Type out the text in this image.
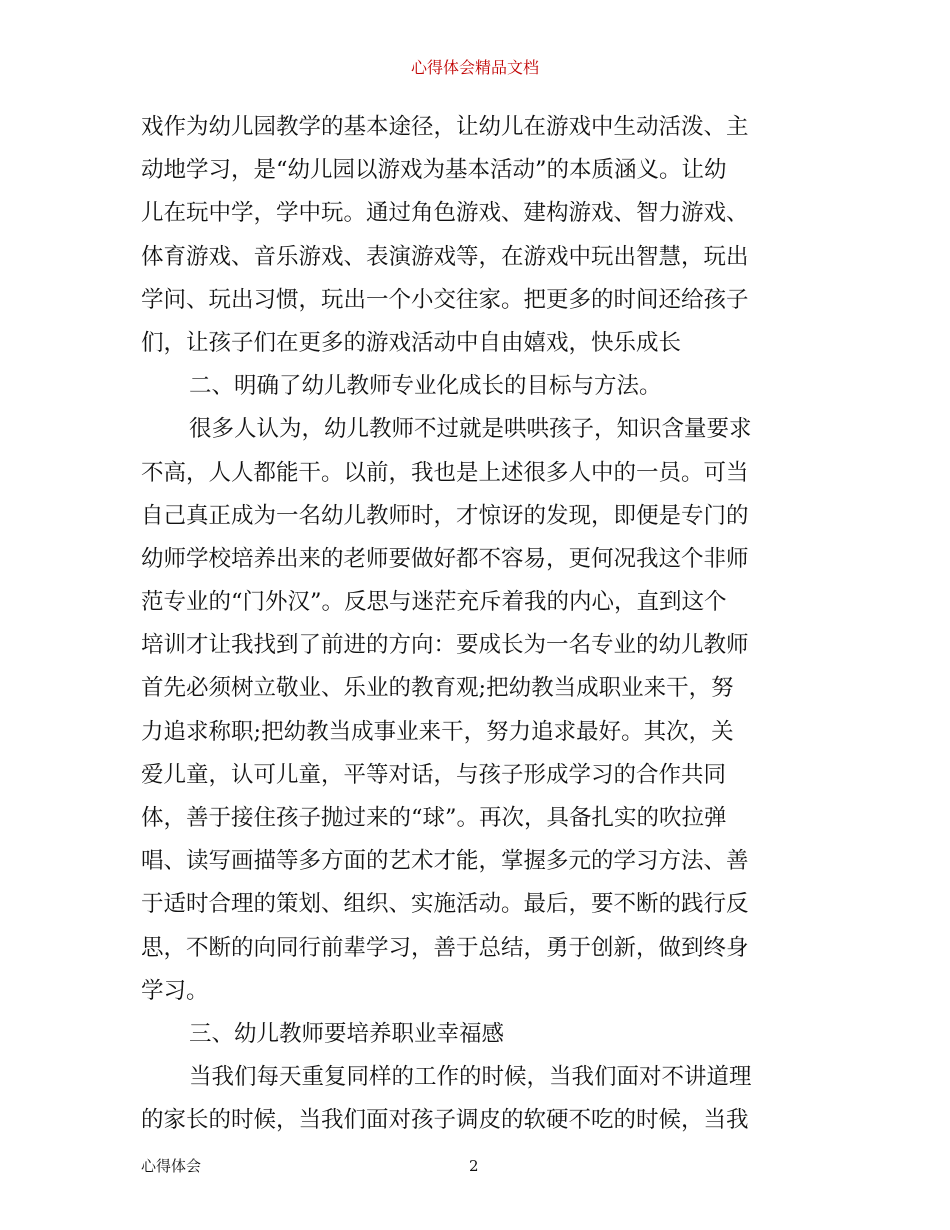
心得体会精品文档
戏作为幼儿园教学的基本途径，让幼儿在游戏中生动活泼、主
动地学习，是“幼儿园以游戏为基本活动”的本质涵义。让幼
儿在玩中学，学中玩。通过角色游戏、建构游戏、智力游戏、
体育游戏、音乐游戏、表演游戏等，在游戏中玩出智慧，玩出
学问、玩出习惯，玩出一个小交往家。把更多的时间还给孩子
们，让孩子们在更多的游戏活动中自由嬉戏，快乐成长
二、明确了幼儿教师专业化成长的目标与方法。
很多人认为，幼儿教师不过就是哄哄孩子，知识含量要求
不高，人人都能干。以前，我也是上述很多人中的一员。可当
自己真正成为一名幼儿教师时，才惊讶的发现，即便是专门的
幼师学校培养出来的老师要做好都不容易，更何况我这个非师
范专业的“门外汉”。反思与迷茫充斥着我的内心，直到这个
培训才让我找到了前进的方向：要成长为一名专业的幼儿教师
首先必须树立敬业、乐业的教育观;把幼教当成职业来干，努
力追求称职;把幼教当成事业来干，努力追求最好。其次，关
爱儿童，认可儿童，平等对话，与孩子形成学习的合作共同
体，善于接住孩子抛过来的“球”。再次，具备扎实的吹拉弹
唱、读写画描等多方面的艺术才能，掌握多元的学习方法、善
于适时合理的策划、组织、实施活动。最后，要不断的践行反
思，不断的向同行前辈学习，善于总结，勇于创新，做到终身
学习。
三、幼儿教师要培养职业幸福感
当我们每天重复同样的工作的时候，当我们面对不讲道理
的家长的时候，当我们面对孩子调皮的软硬不吃的时候，当我
心得体会	2
